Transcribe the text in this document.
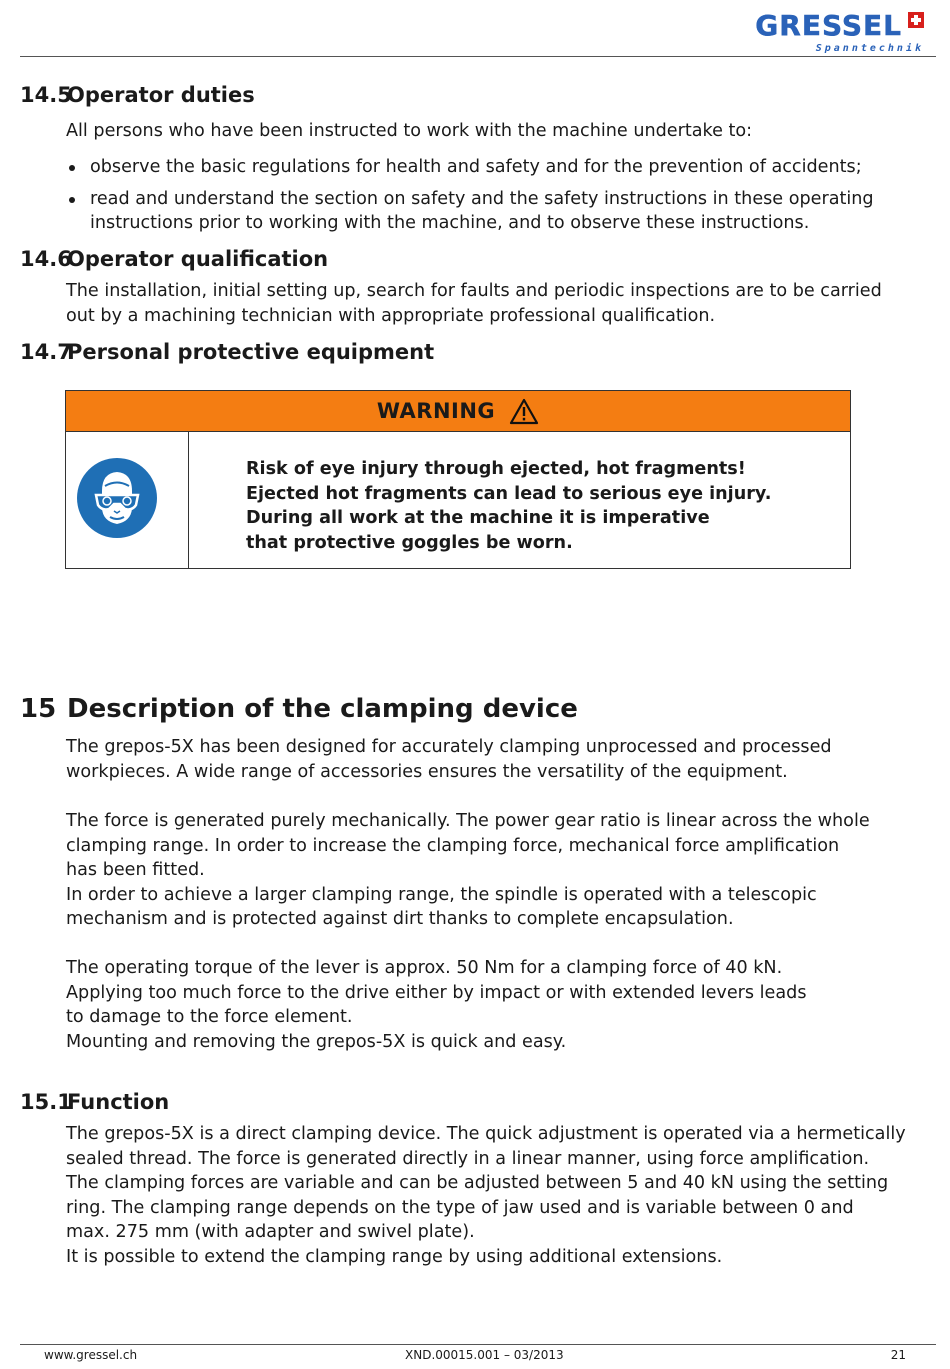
GRESSEL
Spanntechnik
14.5Operator duties

All persons who have been instructed to work with the machine undertake to:

observe the basic regulations for health and safety and for the prevention of accidents;
read and understand the section on safety and the safety instructions in these operating
instructions prior to working with the machine, and to observe these instructions.
14.6Operator qualification

The installation, initial setting up, search for faults and periodic inspections are to be carried
out by a machining technician with appropriate professional qualification.

14.7Personal protective equipment
WARNING
Risk of eye injury through ejected, hot fragments!
Ejected hot fragments can lead to serious eye injury.
During all work at the machine it is imperative
that protective goggles be worn.
15 Description of the clamping device

The grepos-5X has been designed for accurately clamping unprocessed and processed
workpieces. A wide range of accessories ensures the versatility of the equipment.

The force is generated purely mechanically. The power gear ratio is linear across the whole
clamping range. In order to increase the clamping force, mechanical force amplification
has been fitted.
In order to achieve a larger clamping range, the spindle is operated with a telescopic
mechanism and is protected against dirt thanks to complete encapsulation.

The operating torque of the lever is approx. 50 Nm for a clamping force of 40 kN.
Applying too much force to the drive either by impact or with extended levers leads
to damage to the force element.
Mounting and removing the grepos-5X is quick and easy.

15.1Function

The grepos-5X is a direct clamping device. The quick adjustment is operated via a hermetically
sealed thread. The force is generated directly in a linear manner, using force amplification.
The clamping forces are variable and can be adjusted between 5 and 40 kN using the setting
ring. The clamping range depends on the type of jaw used and is variable between 0 and
max. 275 mm (with adapter and swivel plate).
It is possible to extend the clamping range by using additional extensions.

www.gressel.ch	XND.00015.001 – 03/2013	21
